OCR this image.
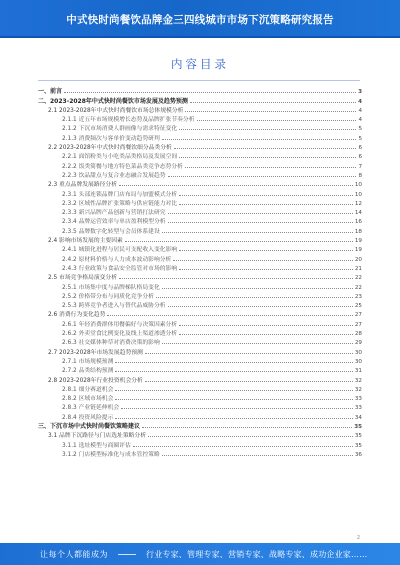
中式快时尚餐饮品牌金三四线城市市场下沉策略研究报告
内容目录
一、前言	3
二、2023-2028年中式快时尚餐饮市场发展及趋势预测	4
2.1 2023-2028年中式快时尚餐饮市场总体规模分析	4
2.1.1 近五年市场规模增长态势及品牌扩张节奏分析	4
2.1.2 下沉市场消费人群画像与需求特征变化	5
2.1.3 消费频次与客单价变动趋势研判	5
2.2 2023-2028年中式快时尚餐饮细分品类分析	6
2.2.1 面馆粉类与小吃类品类格局及发展空间	6
2.2.2 饭类简餐与地方特色菜品类竞争态势分析	7
2.2.3 饮品甜点与复合业态融合发展趋势	8
2.3 重点品牌发展路径分析	10
2.3.1 头部连锁品牌门店布局与加盟模式分析	10
2.3.2 区域性品牌扩张策略与供应链能力对比	12
2.3.3 新兴品牌产品创新与营销打法研究	14
2.3.4 品牌运营效率与单店盈利模型分析	16
2.3.5 品牌数字化转型与会员体系建设	18
2.4 影响市场发展的主要因素	19
2.4.1 城镇化进程与居民可支配收入变化影响	19
2.4.2 原材料价格与人力成本波动影响分析	20
2.4.3 行业政策与食品安全监管对市场的影响	21
2.5 市场竞争格局演变分析	22
2.5.1 市场集中度与品牌梯队格局变化	22
2.5.2 价格带分布与同质化竞争分析	23
2.5.3 跨界竞争者进入与替代品威胁分析	25
2.6 消费行为变化趋势	27
2.6.1 年轻消费群体用餐偏好与决策因素分析	27
2.6.2 外卖堂食比例变化及线上渠道渗透分析	28
2.6.3 社交媒体种草对消费决策的影响	29
2.7 2023-2028年市场发展趋势预测	30
2.7.1 市场规模预测	30
2.7.2 品类结构预测	31
2.8 2023-2028年行业投资机会分析	32
2.8.1 细分赛道机会	32
2.8.2 区域市场机会	33
2.8.3 产业链延伸机会	33
2.8.4 投资风险提示	34
三、下沉市场中式快时尚餐饮策略建议	35
3.1 品牌下沉路径与门店选址策略分析	35
3.1.1 选址模型与商圈评估	35
3.1.2 门店模型标准化与成本管控策略	36
2
让每个人都能成为	行业专家、管理专家、营销专家、战略专家、成功企业家……
